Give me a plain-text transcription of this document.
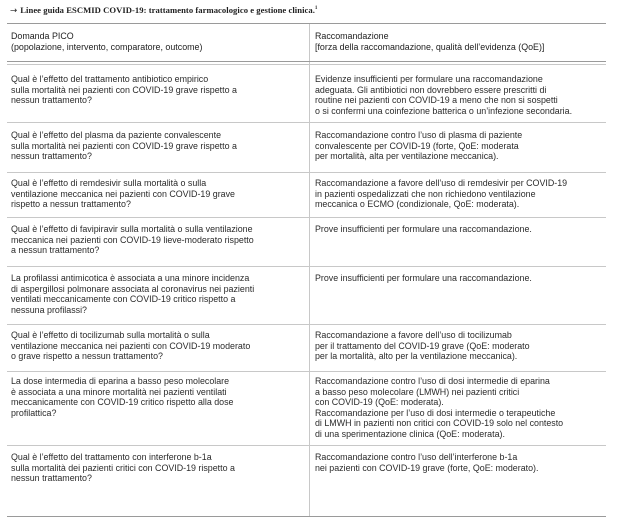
→ Linee guida ESCMID COVID-19: trattamento farmacologico e gestione clinica.$^1$
Domanda PICO
(popolazione, intervento, comparatore, outcome)
Raccomandazione
[forza della raccomandazione, qualità dell’evidenza (QoE)]
Qual è l’effetto del trattamento antibiotico empirico
sulla mortalità nei pazienti con COVID-19 grave rispetto a
nessun trattamento?
Evidenze insufficienti per formulare una raccomandazione
adeguata. Gli antibiotici non dovrebbero essere prescritti di
routine nei pazienti con COVID-19 a meno che non si sospetti
o si confermi una coinfezione batterica o un’infezione secondaria.
Qual è l’effetto del plasma da paziente convalescente
sulla mortalità nei pazienti con COVID-19 grave rispetto a
nessun trattamento?
Raccomandazione contro l’uso di plasma di paziente
convalescente per COVID-19 (forte, QoE: moderata
per mortalità, alta per ventilazione meccanica).
Qual è l’effetto di remdesivir sulla mortalità o sulla
ventilazione meccanica nei pazienti con COVID-19 grave
rispetto a nessun trattamento?
Raccomandazione a favore dell’uso di remdesivir per COVID-19
in pazienti ospedalizzati che non richiedono ventilazione
meccanica o ECMO (condizionale, QoE: moderata).
Qual è l’effetto di favipiravir sulla mortalità o sulla ventilazione
meccanica nei pazienti con COVID-19 lieve-moderato rispetto
a nessun trattamento?
Prove insufficienti per formulare una raccomandazione.
La profilassi antimicotica è associata a una minore incidenza
di aspergillosi polmonare associata al coronavirus nei pazienti
ventilati meccanicamente con COVID-19 critico rispetto a
nessuna profilassi?
Prove insufficienti per formulare una raccomandazione.
Qual è l’effetto di tocilizumab sulla mortalità o sulla
ventilazione meccanica nei pazienti con COVID-19 moderato
o grave rispetto a nessun trattamento?
Raccomandazione a favore dell’uso di tocilizumab
per il trattamento del COVID-19 grave (QoE: moderato
per la mortalità, alto per la ventilazione meccanica).
La dose intermedia di eparina a basso peso molecolare
è associata a una minore mortalità nei pazienti ventilati
meccanicamente con COVID-19 critico rispetto alla dose
profilattica?
Raccomandazione contro l’uso di dosi intermedie di eparina
a basso peso molecolare (LMWH) nei pazienti critici
con COVID-19 (QoE: moderata).
Raccomandazione per l’uso di dosi intermedie o terapeutiche
di LMWH in pazienti non critici con COVID-19 solo nel contesto
di una sperimentazione clinica (QoE: moderata).
Qual è l’effetto del trattamento con interferone b-1a
sulla mortalità dei pazienti critici con COVID-19 rispetto a
nessun trattamento?
Raccomandazione contro l’uso dell’interferone b-1a
nei pazienti con COVID-19 grave (forte, QoE: moderato).
